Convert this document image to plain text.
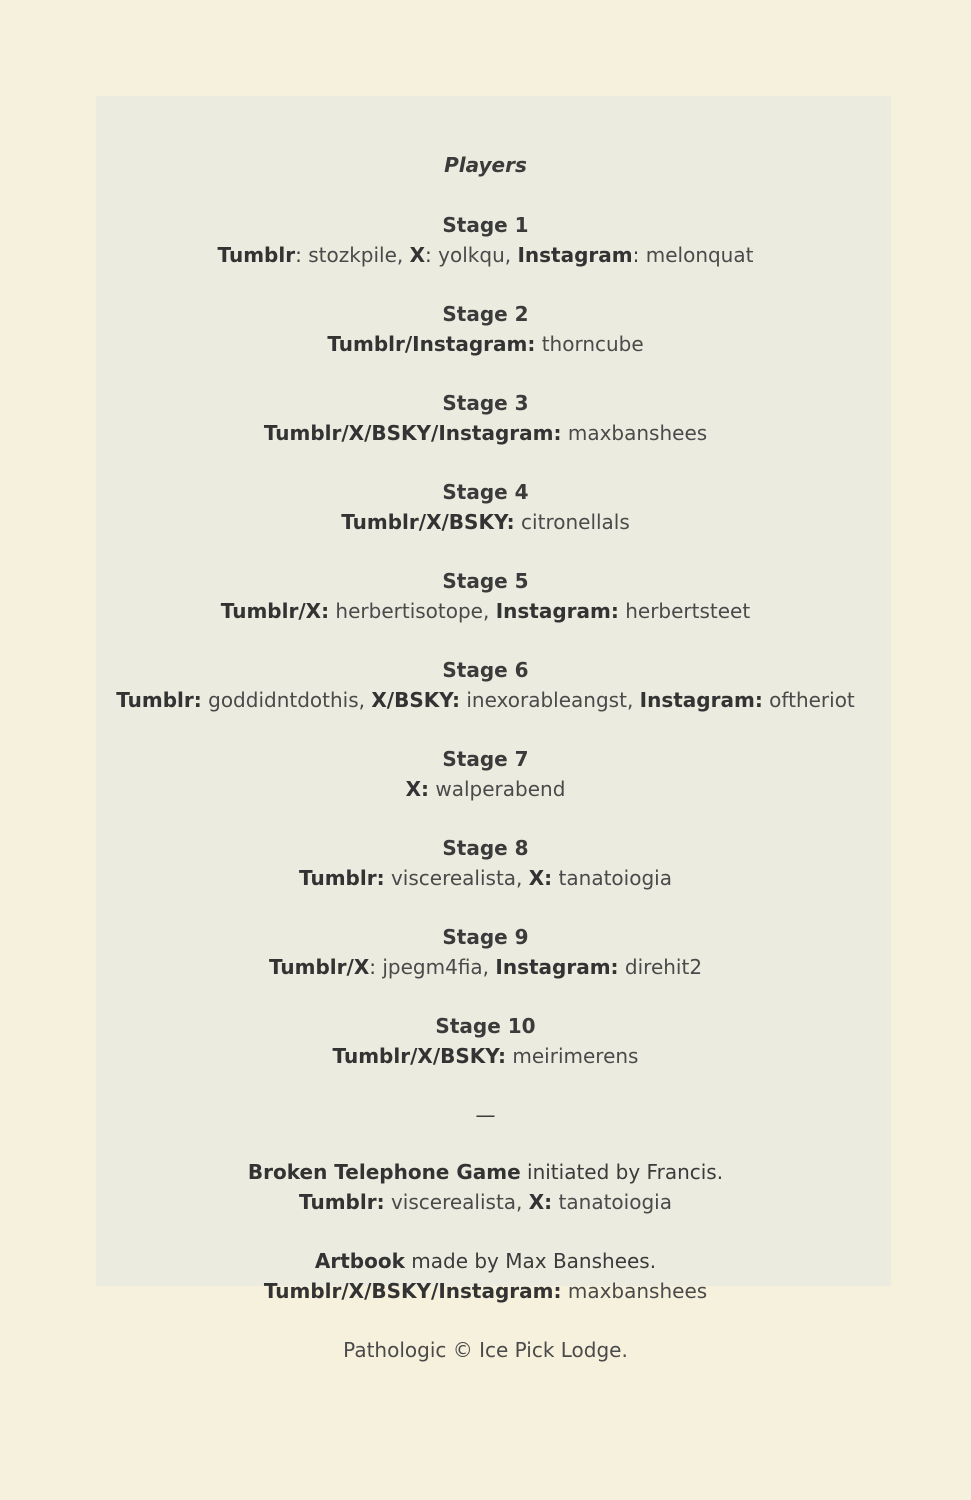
Players
Stage 1
Tumblr: stozkpile, X: yolkqu, Instagram: melonquat
Stage 2
Tumblr/Instagram: thorncube
Stage 3
Tumblr/X/BSKY/Instagram: maxbanshees
Stage 4
Tumblr/X/BSKY: citronellals
Stage 5
Tumblr/X: herbertisotope, Instagram: herbertsteet
Stage 6
Tumblr: goddidntdothis, X/BSKY: inexorableangst, Instagram: oftheriot
Stage 7
X: walperabend
Stage 8
Tumblr: viscerealista, X: tanatoiogia
Stage 9
Tumblr/X: jpegm4fia, Instagram: direhit2
Stage 10
Tumblr/X/BSKY: meirimerens
—
Broken Telephone Game initiated by Francis.
Tumblr: viscerealista, X: tanatoiogia
Artbook made by Max Banshees.
Tumblr/X/BSKY/Instagram: maxbanshees
Pathologic © Ice Pick Lodge.
